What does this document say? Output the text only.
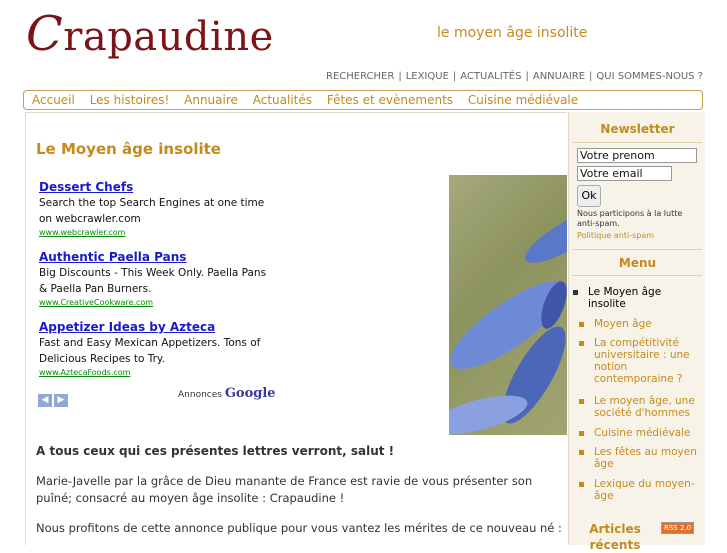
Crapaudine	le moyen âge insolite
RECHERCHER | LEXIQUE | ACTUALITÉS | ANNUAIRE | QUI SOMMES-NOUS ?
Accueil Les histoires! Annuaire Actualités Fêtes et evènements Cuisine médiévale
Le Moyen âge insolite
Dessert Chefs
Search the top Search Engines at one time on webcrawler.com
www.webcrawler.com
Authentic Paella Pans
Big Discounts - This Week Only. Paella Pans & Paella Pan Burners.
www.CreativeCookware.com
Appetizer Ideas by Azteca
Fast and Easy Mexican Appetizers. Tons of Delicious Recipes to Try.
www.AztecaFoods.com
◀ ▶	Annonces Google
A tous ceux qui ces présentes lettres verront, salut !
Marie-Javelle par la grâce de Dieu manante de France est ravie de vous présenter son puîné; consacré au moyen âge insolite : Crapaudine !
Nous profitons de cette annonce publique pour vous vantez les mérites de ce nouveau né :
Newsletter
Votre prenom
Votre email
Ok
Nous participons à la lutte anti-spam.
Politique anti-spam
Menu
Le Moyen âge insolite
Moyen âge
La compétitivité universitaire : une notion contemporaine ?
Le moyen âge, une société d'hommes
Cuisine médiévale
Les fêtes au moyen âge
Lexique du moyen-âge
Articles récents
RSS 2.0
